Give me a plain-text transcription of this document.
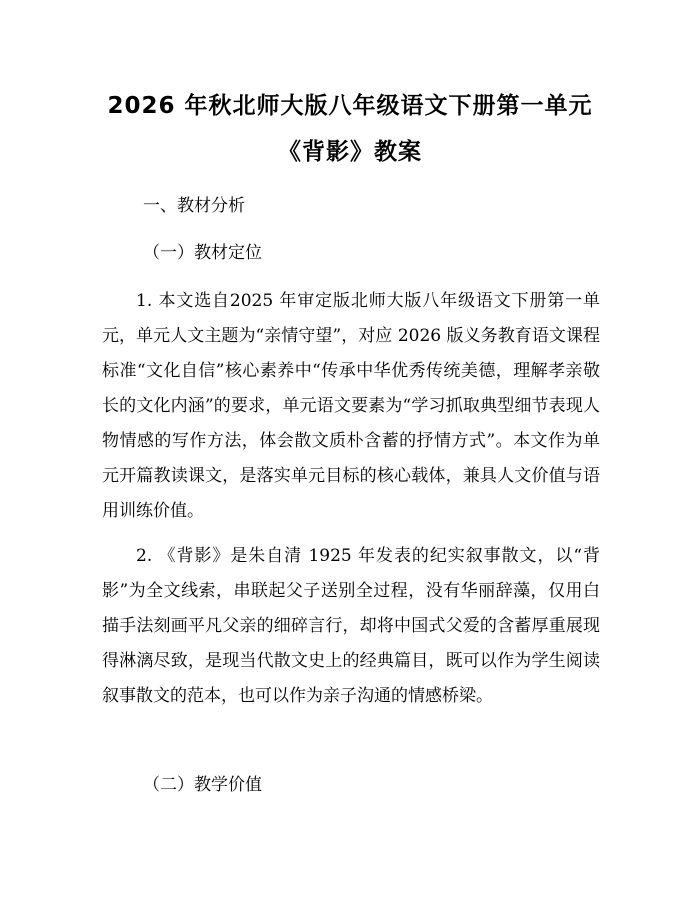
2026 年秋北师大版八年级语文下册第一单元
《背影》教案
一、教材分析
（一）教材定位

1. 本文选自2025 年审定版北师大版八年级语文下册第一单元，单元人文主题为“亲情守望”，对应 2026 版义务教育语文课程标准“文化自信”核心素养中“传承中华优秀传统美德，理解孝亲敬长的文化内涵”的要求，单元语文要素为“学习抓取典型细节表现人物情感的写作方法，体会散文质朴含蓄的抒情方式”。本文作为单元开篇教读课文，是落实单元目标的核心载体，兼具人文价值与语用训练价值。

2. 《背影》是朱自清 1925 年发表的纪实叙事散文，以“背影”为全文线索，串联起父子送别全过程，没有华丽辞藻，仅用白描手法刻画平凡父亲的细碎言行，却将中国式父爱的含蓄厚重展现得淋漓尽致，是现当代散文史上的经典篇目，既可以作为学生阅读叙事散文的范本，也可以作为亲子沟通的情感桥梁。

（二）教学价值
